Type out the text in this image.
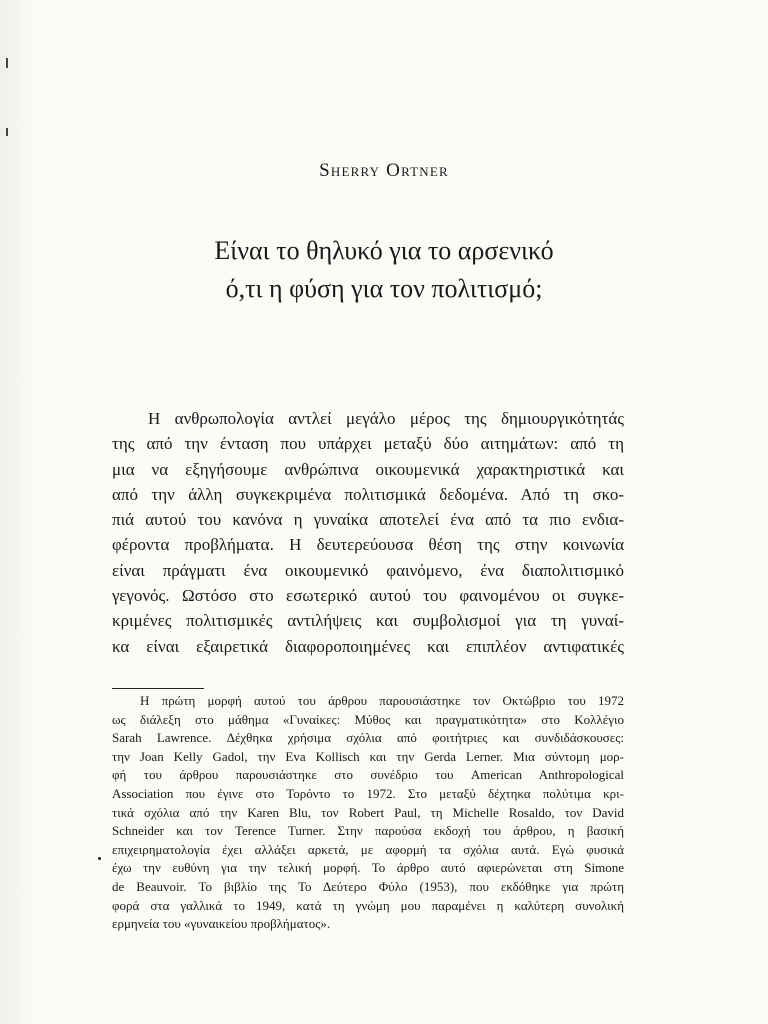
Sherry Ortner
Είναι το θηλυκό για το αρσενικό
ό,τι η φύση για τον πολιτισμό;
Η ανθρωπολογία αντλεί μεγάλο μέρος της δημιουργικότητάς
της από την ένταση που υπάρχει μεταξύ δύο αιτημάτων: από τη
μια να εξηγήσουμε ανθρώπινα οικουμενικά χαρακτηριστικά και
από την άλλη συγκεκριμένα πολιτισμικά δεδομένα. Από τη σκο-
πιά αυτού του κανόνα η γυναίκα αποτελεί ένα από τα πιο ενδια-
φέροντα προβλήματα. Η δευτερεύουσα θέση της στην κοινωνία
είναι πράγματι ένα οικουμενικό φαινόμενο, ένα διαπολιτισμικό
γεγονός. Ωστόσο στο εσωτερικό αυτού του φαινομένου οι συγκε-
κριμένες πολιτισμικές αντιλήψεις και συμβολισμοί για τη γυναί-
κα είναι εξαιρετικά διαφοροποιημένες και επιπλέον αντιφατικές
Η πρώτη μορφή αυτού του άρθρου παρουσιάστηκε τον Οκτώβριο του 1972
ως διάλεξη στο μάθημα «Γυναίκες: Μύθος και πραγματικότητα» στο Κολλέγιο
Sarah Lawrence. Δέχθηκα χρήσιμα σχόλια από φοιτήτριες και συνδιδάσκουσες:
την Joan Kelly Gadol, την Eva Kollisch και την Gerda Lerner. Μια σύντομη μορ-
φή του άρθρου παρουσιάστηκε στο συνέδριο του American Anthropological
Association που έγινε στο Τορόντο το 1972. Στο μεταξύ δέχτηκα πολύτιμα κρι-
τικά σχόλια από την Karen Blu, τον Robert Paul, τη Michelle Rosaldo, τον David
Schneider και τον Terence Turner. Στην παρούσα εκδοχή του άρθρου, η βασική
επιχειρηματολογία έχει αλλάξει αρκετά, με αφορμή τα σχόλια αυτά. Εγώ φυσικά
έχω την ευθύνη για την τελική μορφή. Το άρθρο αυτό αφιερώνεται στη Simone
de Beauvoir. Το βιβλίο της Το Δεύτερο Φύλο (1953), που εκδόθηκε για πρώτη
φορά στα γαλλικά το 1949, κατά τη γνώμη μου παραμένει η καλύτερη συνολική
ερμηνεία του «γυναικείου προβλήματος».
